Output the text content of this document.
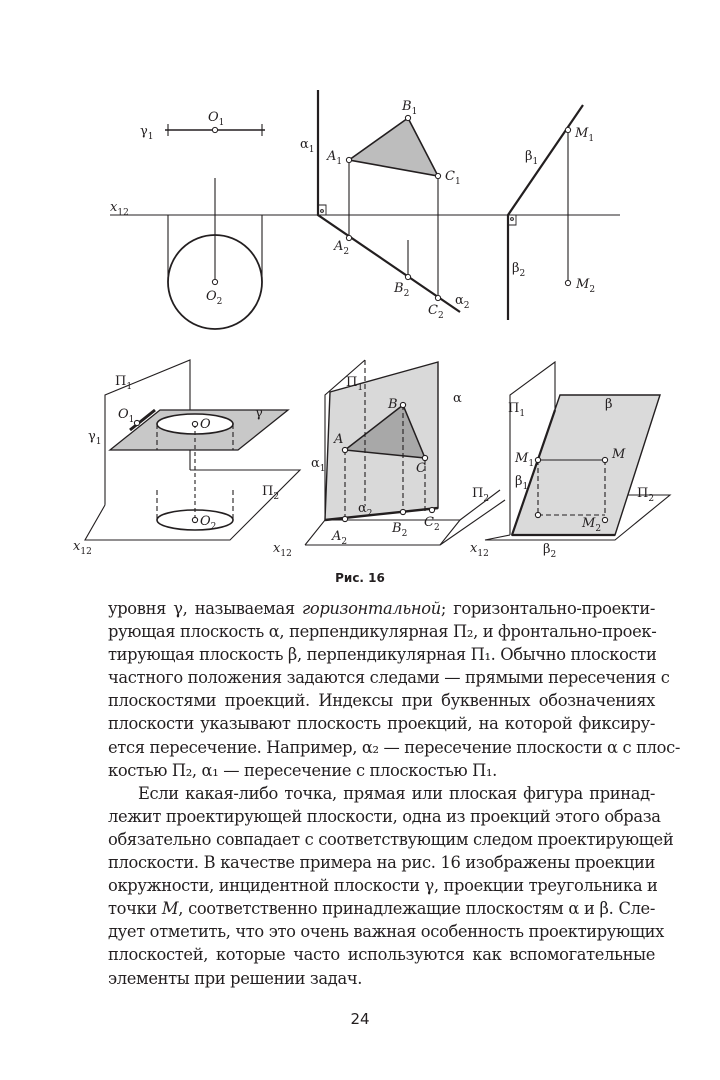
$\gamma_1$
$O_1$
$\alpha_1$
$B_1$
$A_1$
$C_1$
$x_{12}$
$A_2$
$B_2$
$C_2$
$\alpha_2$
$O_2$
$M_1$
$\beta_1$
$\beta_2$
$M_2$
$\Pi_1$
$O_1$
$\gamma_1$
O
γ
$\Pi_2$
$O_2$
$x_{12}$
$\Pi_1$
α
B
A
C
$\alpha_1$
$\alpha_2$
$B_2$
$C_2$
$A_2$
$\Pi_2$
$x_{12}$
$\Pi_1$
β
$M_1$
M
$\beta_1$	$\Pi_2$
$M_2$
$\beta_2$
$x_{12}$
Рис. 16
уровня γ, называемая горизонтальной; горизонтально-проекти-
рующая плоскость α, перпендикулярная Π₂, и фронтально-проек-
тирующая плоскость β, перпендикулярная Π₁. Обычно плоскости
частного положения задаются следами — прямыми пересечения с
плоскостями проекций. Индексы при буквенных обозначениях
плоскости указывают плоскость проекций, на которой фиксиру-
ется пересечение. Например, α₂ — пересечение плоскости α с плос-
костью Π₂, α₁ — пересечение с плоскостью Π₁.
Если какая-либо точка, прямая или плоская фигура принад-
лежит проектирующей плоскости, одна из проекций этого образа
обязательно совпадает с соответствующим следом проектирующей
плоскости. В качестве примера на рис. 16 изображены проекции
окружности, инцидентной плоскости γ, проекции треугольника и
точки M, соответственно принадлежащие плоскостям α и β. Сле-
дует отметить, что это очень важная особенность проектирующих
плоскостей, которые часто используются как вспомогательные
элементы при решении задач.
24
